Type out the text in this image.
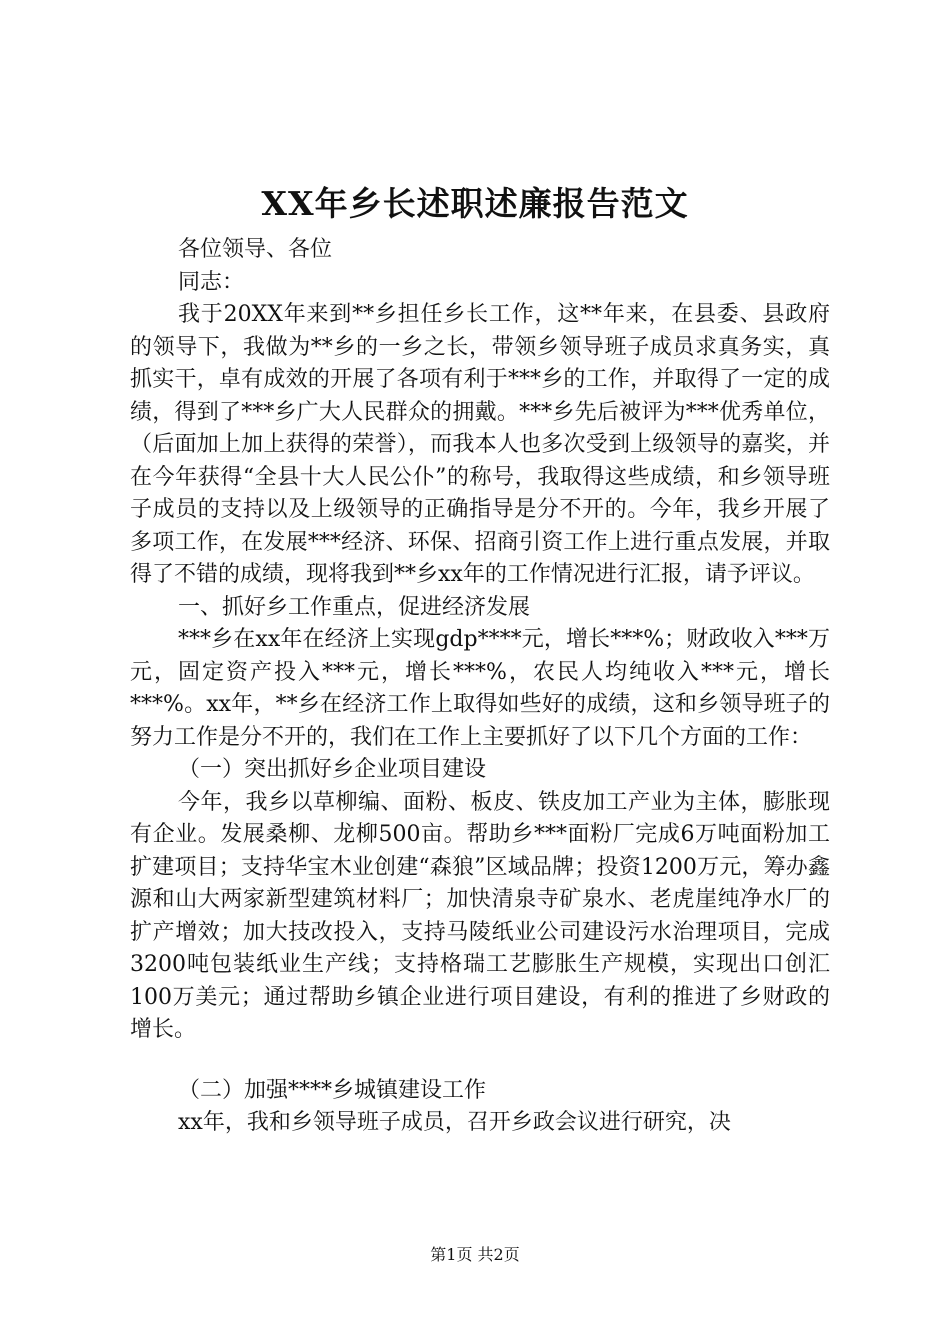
XX年乡长述职述廉报告范文

各位领导、各位

同志：

我于20XX年来到**乡担任乡长工作，这**年来，在县委、县政府的领导下，我做为**乡的一乡之长，带领乡领导班子成员求真务实，真抓实干，卓有成效的开展了各项有利于***乡的工作，并取得了一定的成绩，得到了***乡广大人民群众的拥戴。***乡先后被评为***优秀单位，（后面加上加上获得的荣誉），而我本人也多次受到上级领导的嘉奖，并在今年获得“全县十大人民公仆”的称号，我取得这些成绩，和乡领导班子成员的支持以及上级领导的正确指导是分不开的。今年，我乡开展了多项工作，在发展***经济、环保、招商引资工作上进行重点发展，并取得了不错的成绩，现将我到**乡xx年的工作情况进行汇报，请予评议。

一、抓好乡工作重点，促进经济发展

***乡在xx年在经济上实现gdp****元，增长***%；财政收入***万元，固定资产投入***元，增长***%，农民人均纯收入***元，增长***%。xx年，**乡在经济工作上取得如些好的成绩，这和乡领导班子的努力工作是分不开的，我们在工作上主要抓好了以下几个方面的工作：

（一）突出抓好乡企业项目建设

今年，我乡以草柳编、面粉、板皮、铁皮加工产业为主体，膨胀现有企业。发展桑柳、龙柳500亩。帮助乡***面粉厂完成6万吨面粉加工扩建项目；支持华宝木业创建“森狼”区域品牌；投资1200万元，筹办鑫源和山大两家新型建筑材料厂；加快清泉寺矿泉水、老虎崖纯净水厂的扩产增效；加大技改投入，支持马陵纸业公司建设污水治理项目，完成3200吨包装纸业生产线；支持格瑞工艺膨胀生产规模，实现出口创汇100万美元；通过帮助乡镇企业进行项目建设，有利的推进了乡财政的增长。

（二）加强****乡城镇建设工作

xx年，我和乡领导班子成员，召开乡政会议进行研究，决

第1页 共2页
